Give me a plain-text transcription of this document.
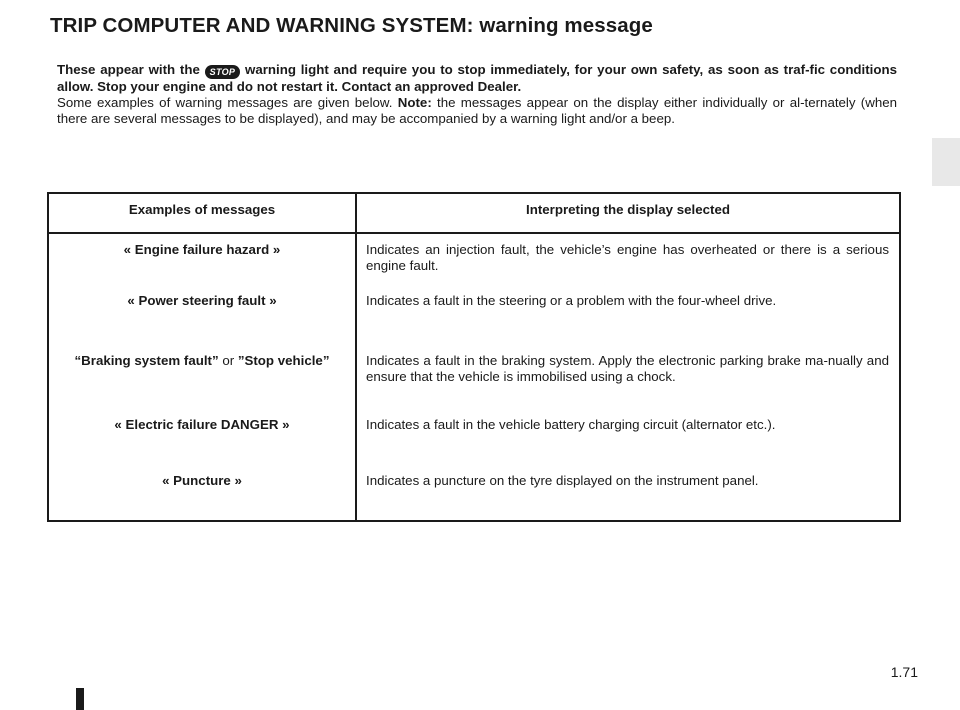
TRIP COMPUTER AND WARNING SYSTEM: warning message
These appear with the STOP warning light and require you to stop immediately, for your own safety, as soon as traf-fic conditions allow. Stop your engine and do not restart it. Contact an approved Dealer.
Some examples of warning messages are given below. Note: the messages appear on the display either individually or al-ternately (when there are several messages to be displayed), and may be accompanied by a warning light and/or a beep.
Examples of messages	Interpreting the display selected
« Engine failure hazard »	Indicates an injection fault, the vehicle’s engine has overheated or there is a serious engine fault.
« Power steering fault »	Indicates a fault in the steering or a problem with the four-wheel drive.
“Braking system fault” or ”Stop vehicle”	Indicates a fault in the braking system. Apply the electronic parking brake ma-nually and ensure that the vehicle is immobilised using a chock.
« Electric failure DANGER »	Indicates a fault in the vehicle battery charging circuit (alternator etc.).
« Puncture »	Indicates a puncture on the tyre displayed on the instrument panel.
1.71
